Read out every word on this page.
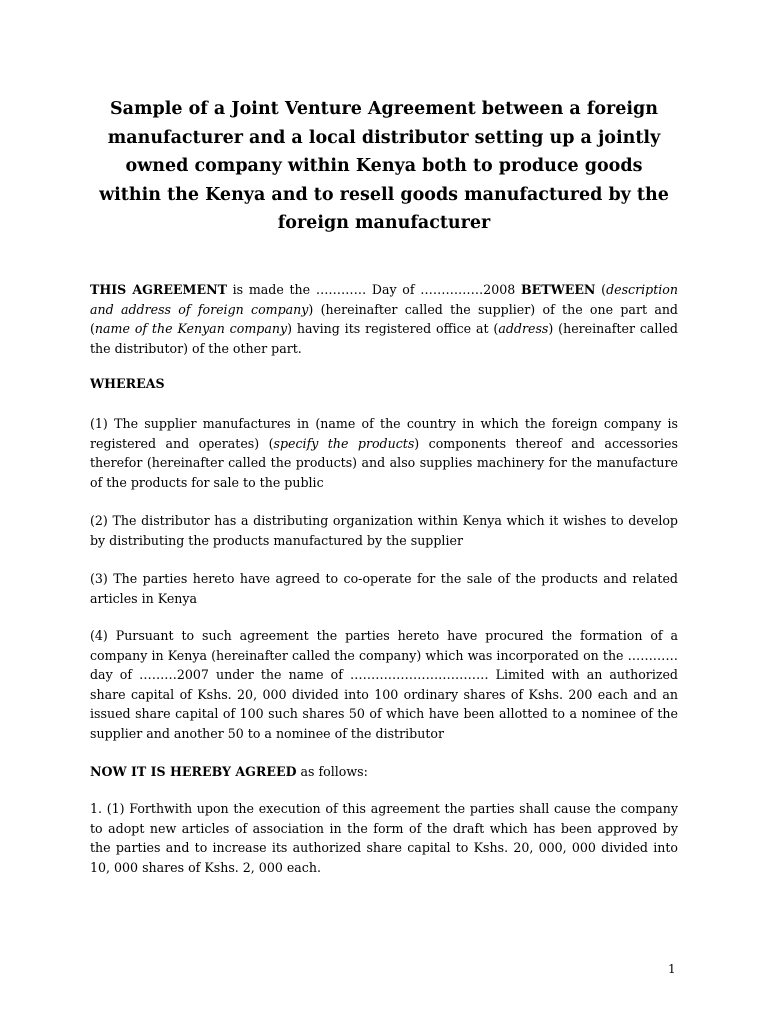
Sample of a Joint Venture Agreement between a foreign manufacturer and a local distributor setting up a jointly owned company within Kenya both to produce goods within the Kenya and to resell goods manufactured by the foreign manufacturer

THIS AGREEMENT is made the ………… Day of ……………2008 BETWEEN (description and address of foreign company) (hereinafter called the supplier) of the one part and (name of the Kenyan company) having its registered office at (address) (hereinafter called the distributor) of the other part.

WHEREAS

(1) The supplier manufactures in (name of the country in which the foreign company is registered and operates) (specify the products) components thereof and accessories therefor (hereinafter called the products) and also supplies machinery for the manufacture of the products for sale to the public

(2) The distributor has a distributing organization within Kenya which it wishes to develop by distributing the products manufactured by the supplier

(3) The parties hereto have agreed to co-operate for the sale of the products and related articles in Kenya

(4) Pursuant to such agreement the parties hereto have procured the formation of a company in Kenya (hereinafter called the company) which was incorporated on the ………… day of ………2007 under the name of …………………………… Limited with an authorized share capital of Kshs. 20, 000 divided into 100 ordinary shares of Kshs. 200 each and an issued share capital of 100 such shares 50 of which have been allotted to a nominee of the supplier and another 50 to a nominee of the distributor

NOW IT IS HEREBY AGREED as follows:

1. (1) Forthwith upon the execution of this agreement the parties shall cause the company to adopt new articles of association in the form of the draft which has been approved by the parties and to increase its authorized share capital to Kshs. 20, 000, 000 divided into 10, 000 shares of Kshs. 2, 000 each.

1
